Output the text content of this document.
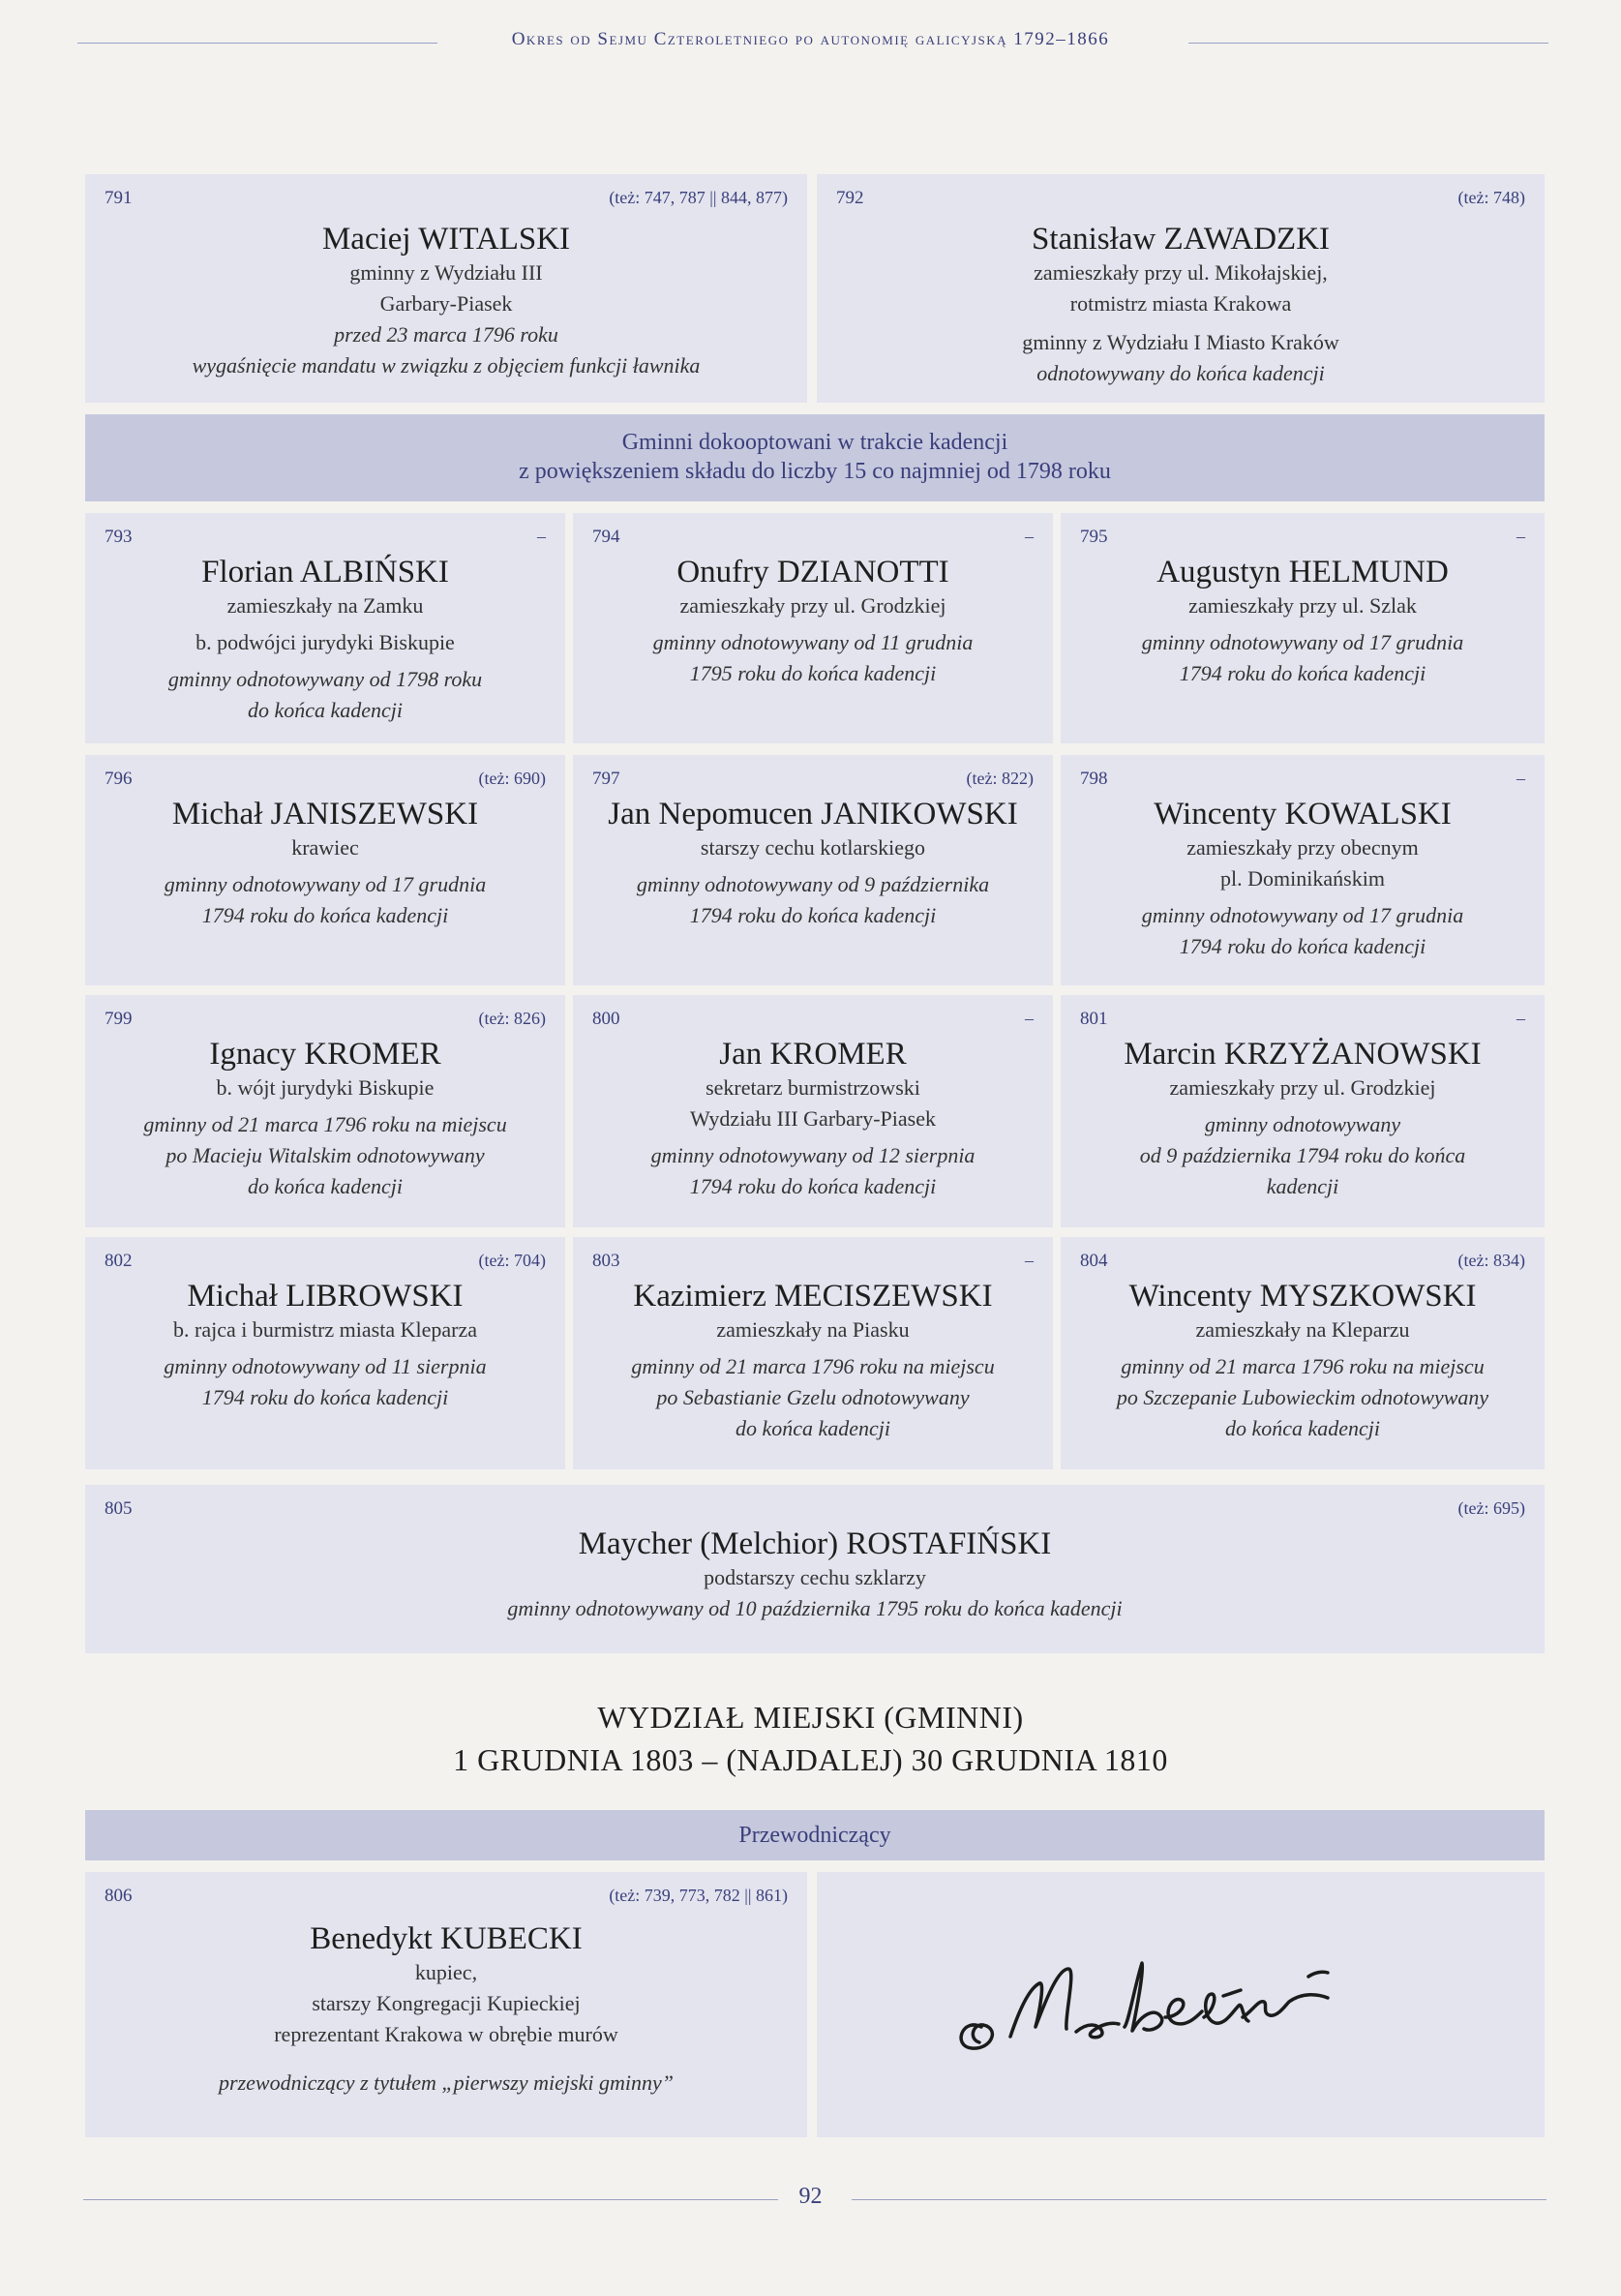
Okres od Sejmu Czteroletniego po autonomię galicyjską 1792–1866
791	(też: 747, 787 || 844, 877)
Maciej WITALSKI
gminny z Wydziału III
Garbary-Piasek
przed 23 marca 1796 roku
wygaśnięcie mandatu w związku z objęciem funkcji ławnika
792	(też: 748)
Stanisław ZAWADZKI
zamieszkały przy ul. Mikołajskiej,
rotmistrz miasta Krakowa
gminny z Wydziału I Miasto Kraków
odnotowywany do końca kadencji
Gminni dokooptowani w trakcie kadencji
z powiększeniem składu do liczby 15 co najmniej od 1798 roku
793	–
Florian ALBIŃSKI
zamieszkały na Zamku
b. podwójci jurydyki Biskupie
gminny odnotowywany od 1798 roku
do końca kadencji
794	–
Onufry DZIANOTTI
zamieszkały przy ul. Grodzkiej
gminny odnotowywany od 11 grudnia
1795 roku do końca kadencji
795	–
Augustyn HELMUND
zamieszkały przy ul. Szlak
gminny odnotowywany od 17 grudnia
1794 roku do końca kadencji
796	(też: 690)
Michał JANISZEWSKI
krawiec
gminny odnotowywany od 17 grudnia
1794 roku do końca kadencji
797	(też: 822)
Jan Nepomucen JANIKOWSKI
starszy cechu kotlarskiego
gminny odnotowywany od 9 października
1794 roku do końca kadencji
798	–
Wincenty KOWALSKI
zamieszkały przy obecnym
pl. Dominikańskim
gminny odnotowywany od 17 grudnia
1794 roku do końca kadencji
799	(też: 826)
Ignacy KROMER
b. wójt jurydyki Biskupie
gminny od 21 marca 1796 roku na miejscu
po Macieju Witalskim odnotowywany
do końca kadencji
800	–
Jan KROMER
sekretarz burmistrzowski
Wydziału III Garbary-Piasek
gminny odnotowywany od 12 sierpnia
1794 roku do końca kadencji
801	–
Marcin KRZYŻANOWSKI
zamieszkały przy ul. Grodzkiej
gminny odnotowywany
od 9 października 1794 roku do końca
kadencji
802	(też: 704)
Michał LIBROWSKI
b. rajca i burmistrz miasta Kleparza
gminny odnotowywany od 11 sierpnia
1794 roku do końca kadencji
803	–
Kazimierz MECISZEWSKI
zamieszkały na Piasku
gminny od 21 marca 1796 roku na miejscu
po Sebastianie Gzelu odnotowywany
do końca kadencji
804	(też: 834)
Wincenty MYSZKOWSKI
zamieszkały na Kleparzu
gminny od 21 marca 1796 roku na miejscu
po Szczepanie Lubowieckim odnotowywany
do końca kadencji
805	(też: 695)
Maycher (Melchior) ROSTAFIŃSKI
podstarszy cechu szklarzy
gminny odnotowywany od 10 października 1795 roku do końca kadencji
WYDZIAŁ MIEJSKI (GMINNI)
1 GRUDNIA 1803 – (NAJDALEJ) 30 GRUDNIA 1810
Przewodniczący
806	(też: 739, 773, 782 || 861)
Benedykt KUBECKI
kupiec,
starszy Kongregacji Kupieckiej
reprezentant Krakowa w obrębie murów
przewodniczący z tytułem „pierwszy miejski gminny”
92
